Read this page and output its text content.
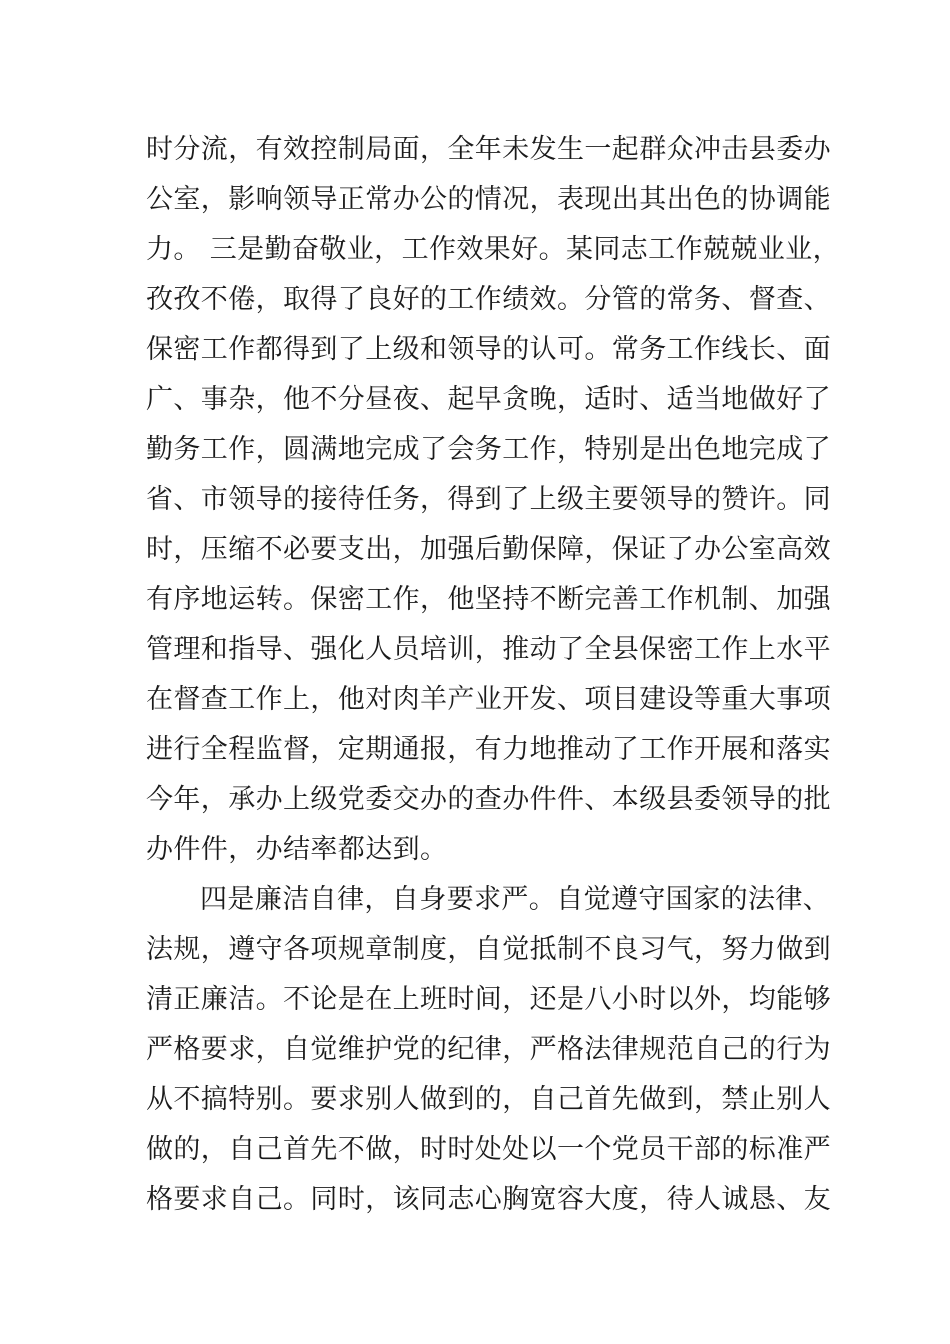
时分流，有效控制局面，全年未发生一起群众冲击县委办
公室，影响领导正常办公的情况，表现出其出色的协调能
力。 三是勤奋敬业，工作效果好。某同志工作兢兢业业，
孜孜不倦，取得了良好的工作绩效。分管的常务、督查、
保密工作都得到了上级和领导的认可。常务工作线长、面
广、事杂，他不分昼夜、起早贪晚，适时、适当地做好了
勤务工作，圆满地完成了会务工作，特别是出色地完成了
省、市领导的接待任务，得到了上级主要领导的赞许。同
时，压缩不必要支出，加强后勤保障，保证了办公室高效
有序地运转。保密工作，他坚持不断完善工作机制、加强
管理和指导、强化人员培训，推动了全县保密工作上水平
在督查工作上，他对肉羊产业开发、项目建设等重大事项
进行全程监督，定期通报，有力地推动了工作开展和落实
今年，承办上级党委交办的查办件件、本级县委领导的批
办件件，办结率都达到。
四是廉洁自律，自身要求严。自觉遵守国家的法律、
法规，遵守各项规章制度，自觉抵制不良习气，努力做到
清正廉洁。不论是在上班时间，还是八小时以外，均能够
严格要求，自觉维护党的纪律，严格法律规范自己的行为
从不搞特别。要求别人做到的，自己首先做到，禁止别人
做的，自己首先不做，时时处处以一个党员干部的标准严
格要求自己。同时，该同志心胸宽容大度，待人诚恳、友
